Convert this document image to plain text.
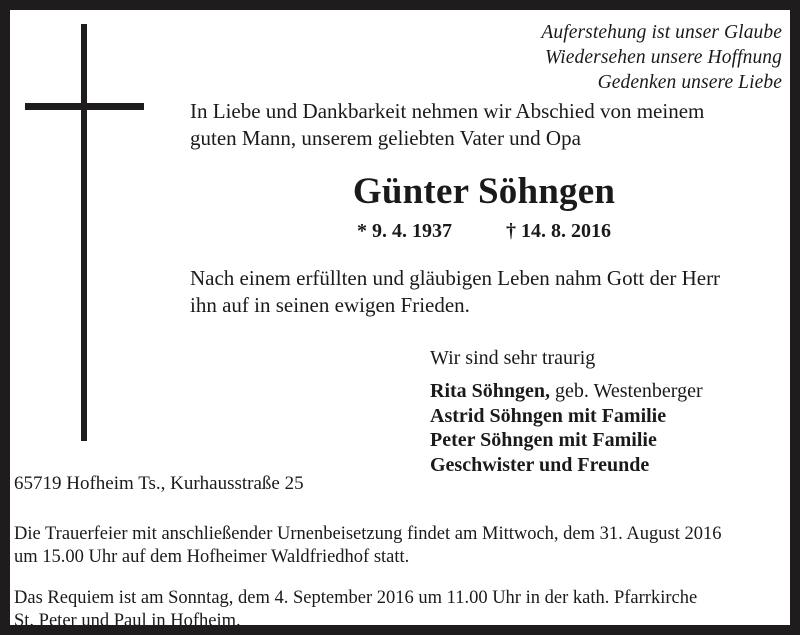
Auferstehung ist unser Glaube
Wiedersehen unsere Hoffnung
Gedenken unsere Liebe

In Liebe und Dankbarkeit nehmen wir Abschied von meinem
guten Mann, unserem geliebten Vater und Opa

Günter Söhngen

* 9. 4. 1937	† 14. 8. 2016

Nach einem erfüllten und gläubigen Leben nahm Gott der Herr
ihn auf in seinen ewigen Frieden.

Wir sind sehr traurig

Rita Söhngen, geb. Westenberger
Astrid Söhngen mit Familie
Peter Söhngen mit Familie
Geschwister und Freunde

65719 Hofheim Ts., Kurhausstraße 25

Die Trauerfeier mit anschließender Urnenbeisetzung findet am Mittwoch, dem 31. August 2016
um 15.00 Uhr auf dem Hofheimer Waldfriedhof statt.

Das Requiem ist am Sonntag, dem 4. September 2016 um 11.00 Uhr in der kath. Pfarrkirche
St. Peter und Paul in Hofheim.
